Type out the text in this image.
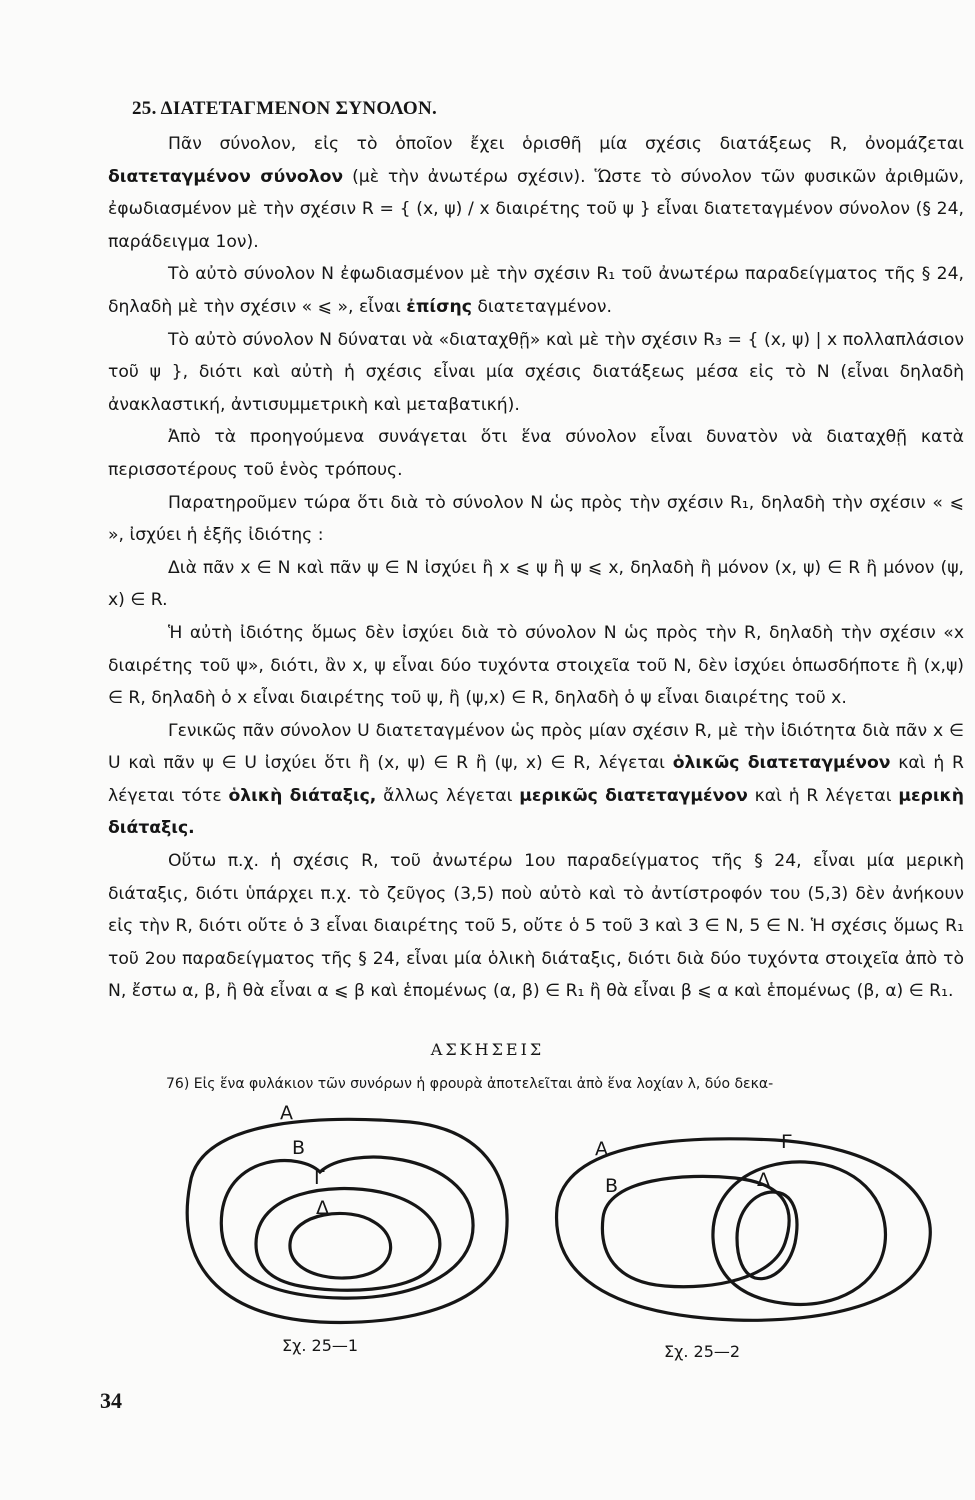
25. ΔΙΑΤΕΤΑΓΜΕΝΟΝ ΣΥΝΟΛΟΝ.

Πᾶν σύνολον, εἰς τὸ ὁποῖον ἔχει ὁρισθῆ μία σχέσις διατάξεως R, ὀνομάζεται διατεταγμένον σύνολον (μὲ τὴν ἀνωτέρω σχέσιν). Ὥστε τὸ σύνολον τῶν φυσικῶν ἀριθμῶν, ἐφωδιασμένον μὲ τὴν σχέσιν R = { (x, ψ) / x διαιρέτης τοῦ ψ } εἶναι διατεταγμένον σύνολον (§ 24, παράδειγμα 1ον).

Τὸ αὐτὸ σύνολον N ἐφωδιασμένον μὲ τὴν σχέσιν R₁ τοῦ ἀνωτέρω παραδείγματος τῆς § 24, δηλαδὴ μὲ τὴν σχέσιν « ⩽ », εἶναι ἐπίσης διατεταγμένον.

Τὸ αὐτὸ σύνολον N δύναται νὰ «διαταχθῇ» καὶ μὲ τὴν σχέσιν R₃ = { (x, ψ) | x πολλαπλάσιον τοῦ ψ }, διότι καὶ αὐτὴ ἡ σχέσις εἶναι μία σχέσις διατάξεως μέσα εἰς τὸ N (εἶναι δηλαδὴ ἀνακλαστική, ἀντισυμμετρικὴ καὶ μεταβατική).

Ἀπὸ τὰ προηγούμενα συνάγεται ὅτι ἕνα σύνολον εἶναι δυνατὸν νὰ διαταχθῇ κατὰ περισσοτέρους τοῦ ἑνὸς τρόπους.

Παρατηροῦμεν τώρα ὅτι διὰ τὸ σύνολον N ὡς πρὸς τὴν σχέσιν R₁, δηλαδὴ τὴν σχέσιν « ⩽ », ἰσχύει ἡ ἑξῆς ἰδιότης :

Διὰ πᾶν x ∈ N καὶ πᾶν ψ ∈ N ἰσχύει ἢ x ⩽ ψ ἢ ψ ⩽ x, δηλαδὴ ἢ μόνον (x, ψ) ∈ R ἢ μόνον (ψ, x) ∈ R.

Ἡ αὐτὴ ἰδιότης ὅμως δὲν ἰσχύει διὰ τὸ σύνολον N ὡς πρὸς τὴν R, δηλαδὴ τὴν σχέσιν «x διαιρέτης τοῦ ψ», διότι, ἂν x, ψ εἶναι δύο τυχόντα στοιχεῖα τοῦ N, δὲν ἰσχύει ὁπωσδήποτε ἢ (x,ψ) ∈ R, δηλαδὴ ὁ x εἶναι διαιρέτης τοῦ ψ, ἢ (ψ,x) ∈ R, δηλαδὴ ὁ ψ εἶναι διαιρέτης τοῦ x.

Γενικῶς πᾶν σύνολον U διατεταγμένον ὡς πρὸς μίαν σχέσιν R, μὲ τὴν ἰδιότητα διὰ πᾶν x ∈ U καὶ πᾶν ψ ∈ U ἰσχύει ὅτι ἢ (x, ψ) ∈ R ἢ (ψ, x) ∈ R, λέγεται ὁλικῶς διατεταγμένον καὶ ἡ R λέγεται τότε ὁλικὴ διάταξις, ἄλλως λέγεται μερικῶς διατεταγμένον καὶ ἡ R λέγεται μερικὴ διάταξις.

Οὕτω π.χ. ἡ σχέσις R, τοῦ ἀνωτέρω 1ου παραδείγματος τῆς § 24, εἶναι μία μερικὴ διάταξις, διότι ὑπάρχει π.χ. τὸ ζεῦγος (3,5) ποὺ αὐτὸ καὶ τὸ ἀντίστροφόν του (5,3) δὲν ἀνήκουν εἰς τὴν R, διότι οὔτε ὁ 3 εἶναι διαιρέτης τοῦ 5, οὔτε ὁ 5 τοῦ 3 καὶ 3 ∈ N, 5 ∈ N. Ἡ σχέσις ὅμως R₁ τοῦ 2ου παραδείγματος τῆς § 24, εἶναι μία ὁλικὴ διάταξις, διότι διὰ δύο τυχόντα στοιχεῖα ἀπὸ τὸ N, ἔστω α, β, ἢ θὰ εἶναι α ⩽ β καὶ ἑπομένως (α, β) ∈ R₁ ἢ θὰ εἶναι β ⩽ α καὶ ἑπομένως (β, α) ∈ R₁.

ΑΣΚΗΣΕΙΣ
76) Εἰς ἕνα φυλάκιον τῶν συνόρων ἡ φρουρὰ ἀποτελεῖται ἀπὸ ἕνα λοχίαν λ, δύο δεκα-
Α
Β
Γ
Δ
Σχ. 25—1
Α
Β
Γ
Δ
Σχ. 25—2
34
